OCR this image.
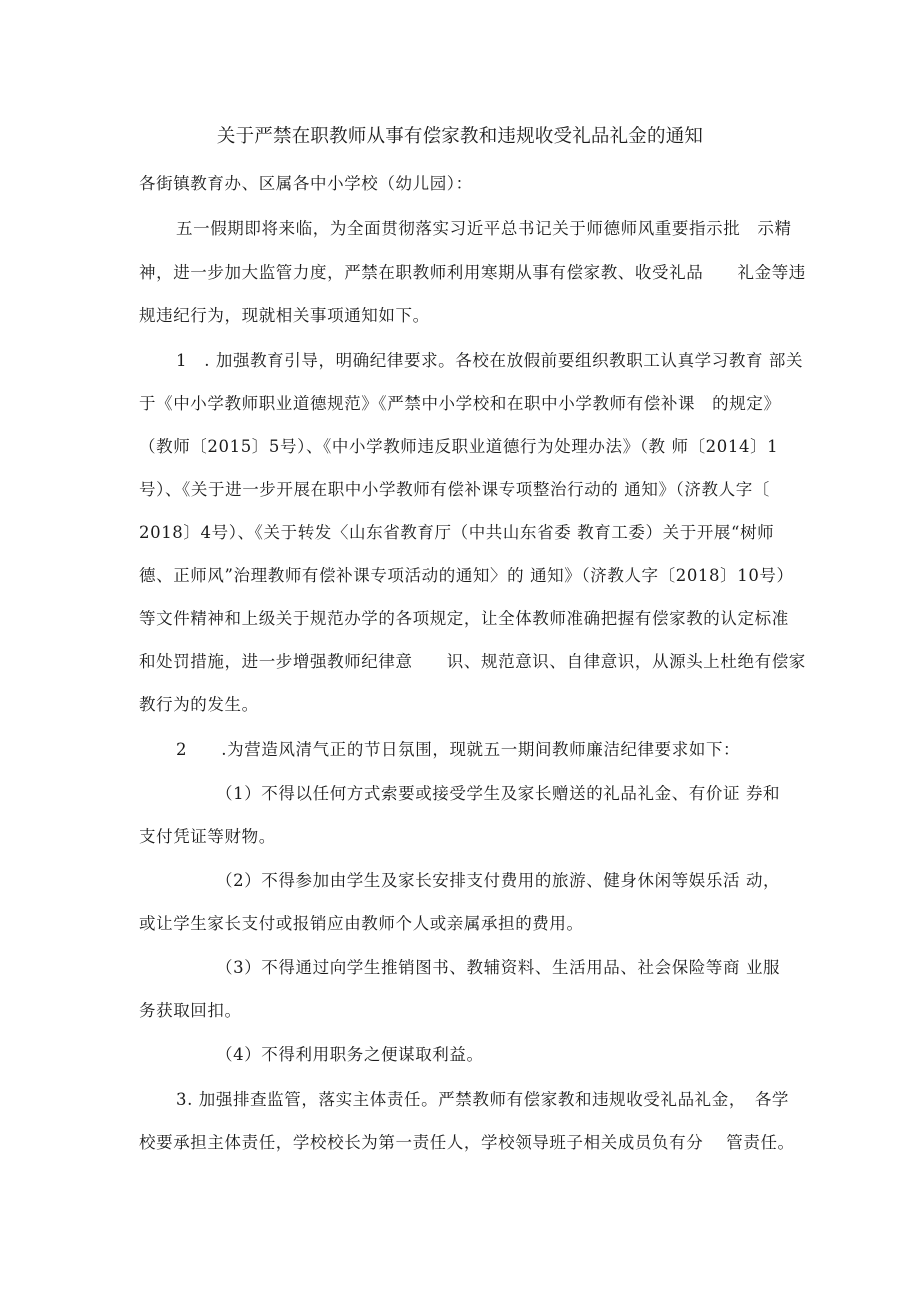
关于严禁在职教师从事有偿家教和违规收受礼品礼金的通知
各街镇教育办、区属各中小学校（幼儿园）：
五一假期即将来临，为全面贯彻落实习近平总书记关于师德师风重要指示批　示精
神，进一步加大监管力度，严禁在职教师利用寒期从事有偿家教、收受礼品　　礼金等违
规违纪行为，现就相关事项通知如下。
1　. 加强教育引导，明确纪律要求。各校在放假前要组织教职工认真学习教育 部关
于《中小学教师职业道德规范》《严禁中小学校和在职中小学教师有偿补课　的规定》
（教师〔2015〕5号）、《中小学教师违反职业道德行为处理办法》（教 师〔2014〕1
号）、《关于进一步开展在职中小学教师有偿补课专项整治行动的 通知》（济教人字〔
2018〕4号）、《关于转发〈山东省教育厅（中共山东省委 教育工委）关于开展“树师
德、正师风”治理教师有偿补课专项活动的通知〉的 通知》（济教人字〔2018〕10号）
等文件精神和上级关于规范办学的各项规定，让全体教师准确把握有偿家教的认定标准
和处罚措施，进一步增强教师纪律意　　识、规范意识、自律意识，从源头上杜绝有偿家
教行为的发生。
2　　.为营造风清气正的节日氛围，现就五一期间教师廉洁纪律要求如下：
（1）不得以任何方式索要或接受学生及家长赠送的礼品礼金、有价证 券和
支付凭证等财物。
（2）不得参加由学生及家长安排支付费用的旅游、健身休闲等娱乐活 动，
或让学生家长支付或报销应由教师个人或亲属承担的费用。
（3）不得通过向学生推销图书、教辅资料、生活用品、社会保险等商 业服
务获取回扣。
（4）不得利用职务之便谋取利益。
3. 加强排查监管，落实主体责任。严禁教师有偿家教和违规收受礼品礼金，　各学
校要承担主体责任，学校校长为第一责任人，学校领导班子相关成员负有分　 管责任。
